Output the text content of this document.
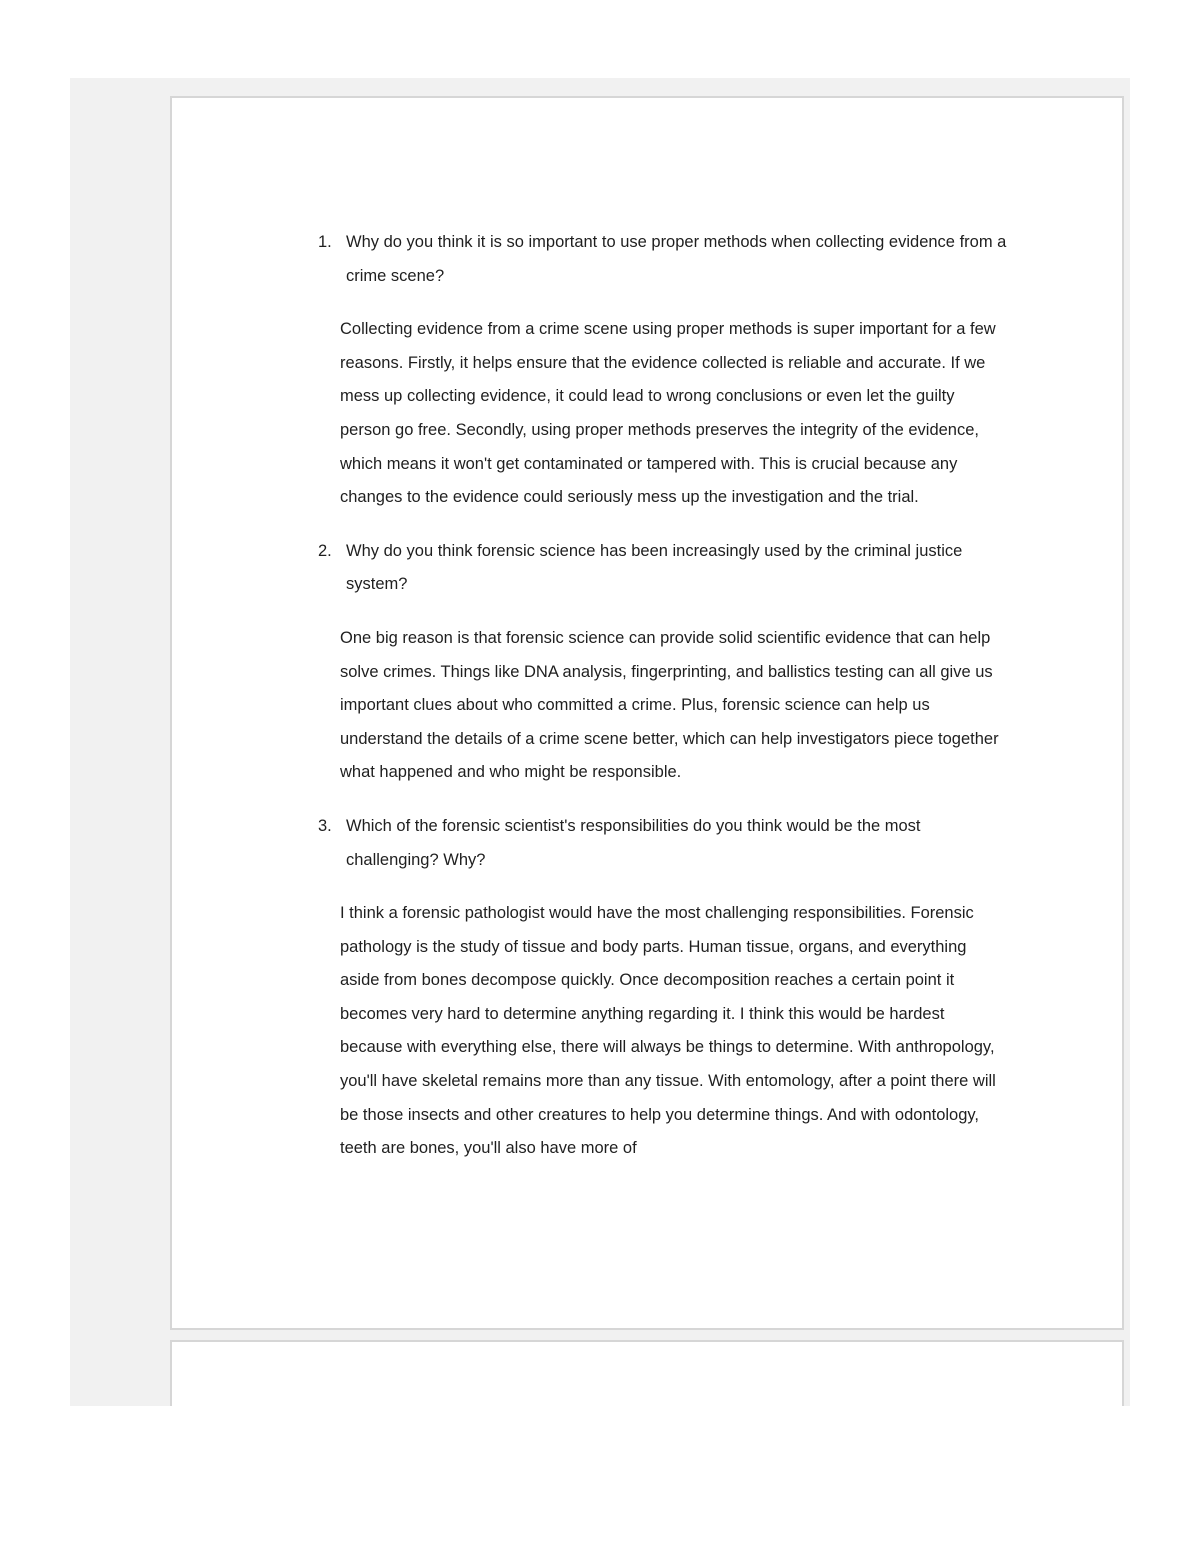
1. Why do you think it is so important to use proper methods when collecting evidence from a crime scene?

Collecting evidence from a crime scene using proper methods is super important for a few reasons. Firstly, it helps ensure that the evidence collected is reliable and accurate. If we mess up collecting evidence, it could lead to wrong conclusions or even let the guilty person go free. Secondly, using proper methods preserves the integrity of the evidence, which means it won't get contaminated or tampered with. This is crucial because any changes to the evidence could seriously mess up the investigation and the trial.

2. Why do you think forensic science has been increasingly used by the criminal justice system?

One big reason is that forensic science can provide solid scientific evidence that can help solve crimes. Things like DNA analysis, fingerprinting, and ballistics testing can all give us important clues about who committed a crime. Plus, forensic science can help us understand the details of a crime scene better, which can help investigators piece together what happened and who might be responsible.

3. Which of the forensic scientist's responsibilities do you think would be the most challenging? Why?

I think a forensic pathologist would have the most challenging responsibilities. Forensic pathology is the study of tissue and body parts. Human tissue, organs, and everything aside from bones decompose quickly. Once decomposition reaches a certain point it becomes very hard to determine anything regarding it. I think this would be hardest because with everything else, there will always be things to determine. With anthropology, you'll have skeletal remains more than any tissue. With entomology, after a point there will be those insects and other creatures to help you determine things. And with odontology, teeth are bones, you'll also have more of
